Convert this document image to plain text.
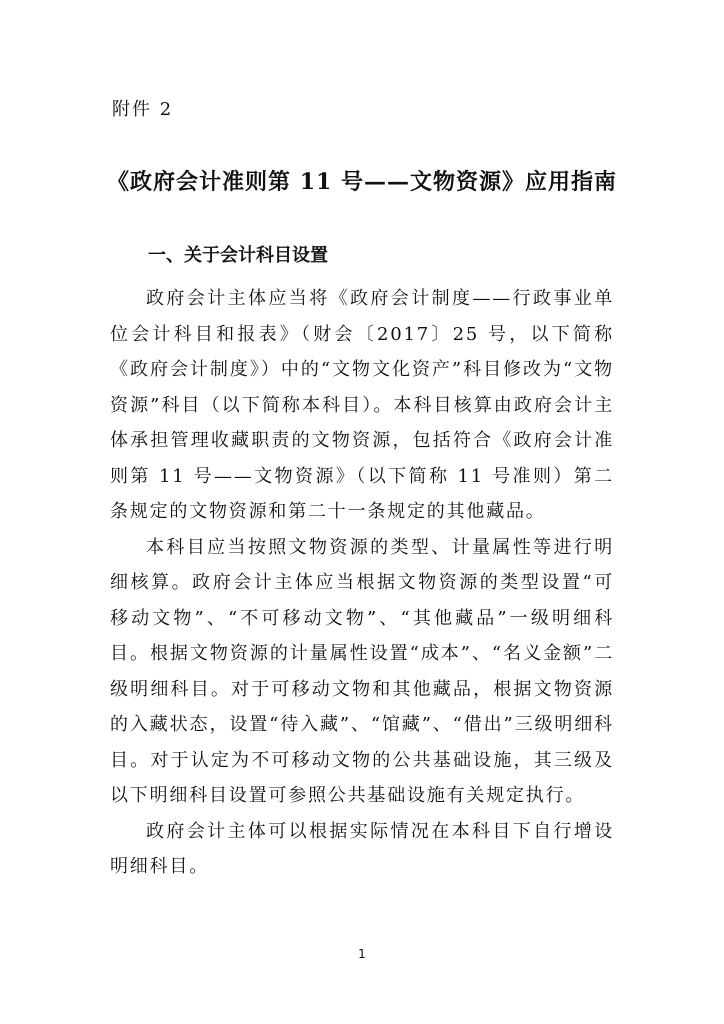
附件 2
《政府会计准则第 11 号——文物资源》应用指南
一、关于会计科目设置

政府会计主体应当将《政府会计制度——行政事业单位会计科目和报表》（财会〔2017〕25 号，以下简称《政府会计制度》）中的“文物文化资产”科目修改为“文物资源”科目（以下简称本科目）。本科目核算由政府会计主体承担管理收藏职责的文物资源，包括符合《政府会计准则第 11 号——文物资源》（以下简称 11 号准则）第二条规定的文物资源和第二十一条规定的其他藏品。

本科目应当按照文物资源的类型、计量属性等进行明细核算。政府会计主体应当根据文物资源的类型设置“可移动文物”、“不可移动文物”、“其他藏品”一级明细科目。根据文物资源的计量属性设置“成本”、“名义金额”二级明细科目。对于可移动文物和其他藏品，根据文物资源的入藏状态，设置“待入藏”、“馆藏”、“借出”三级明细科目。对于认定为不可移动文物的公共基础设施，其三级及以下明细科目设置可参照公共基础设施有关规定执行。

政府会计主体可以根据实际情况在本科目下自行增设明细科目。

1
